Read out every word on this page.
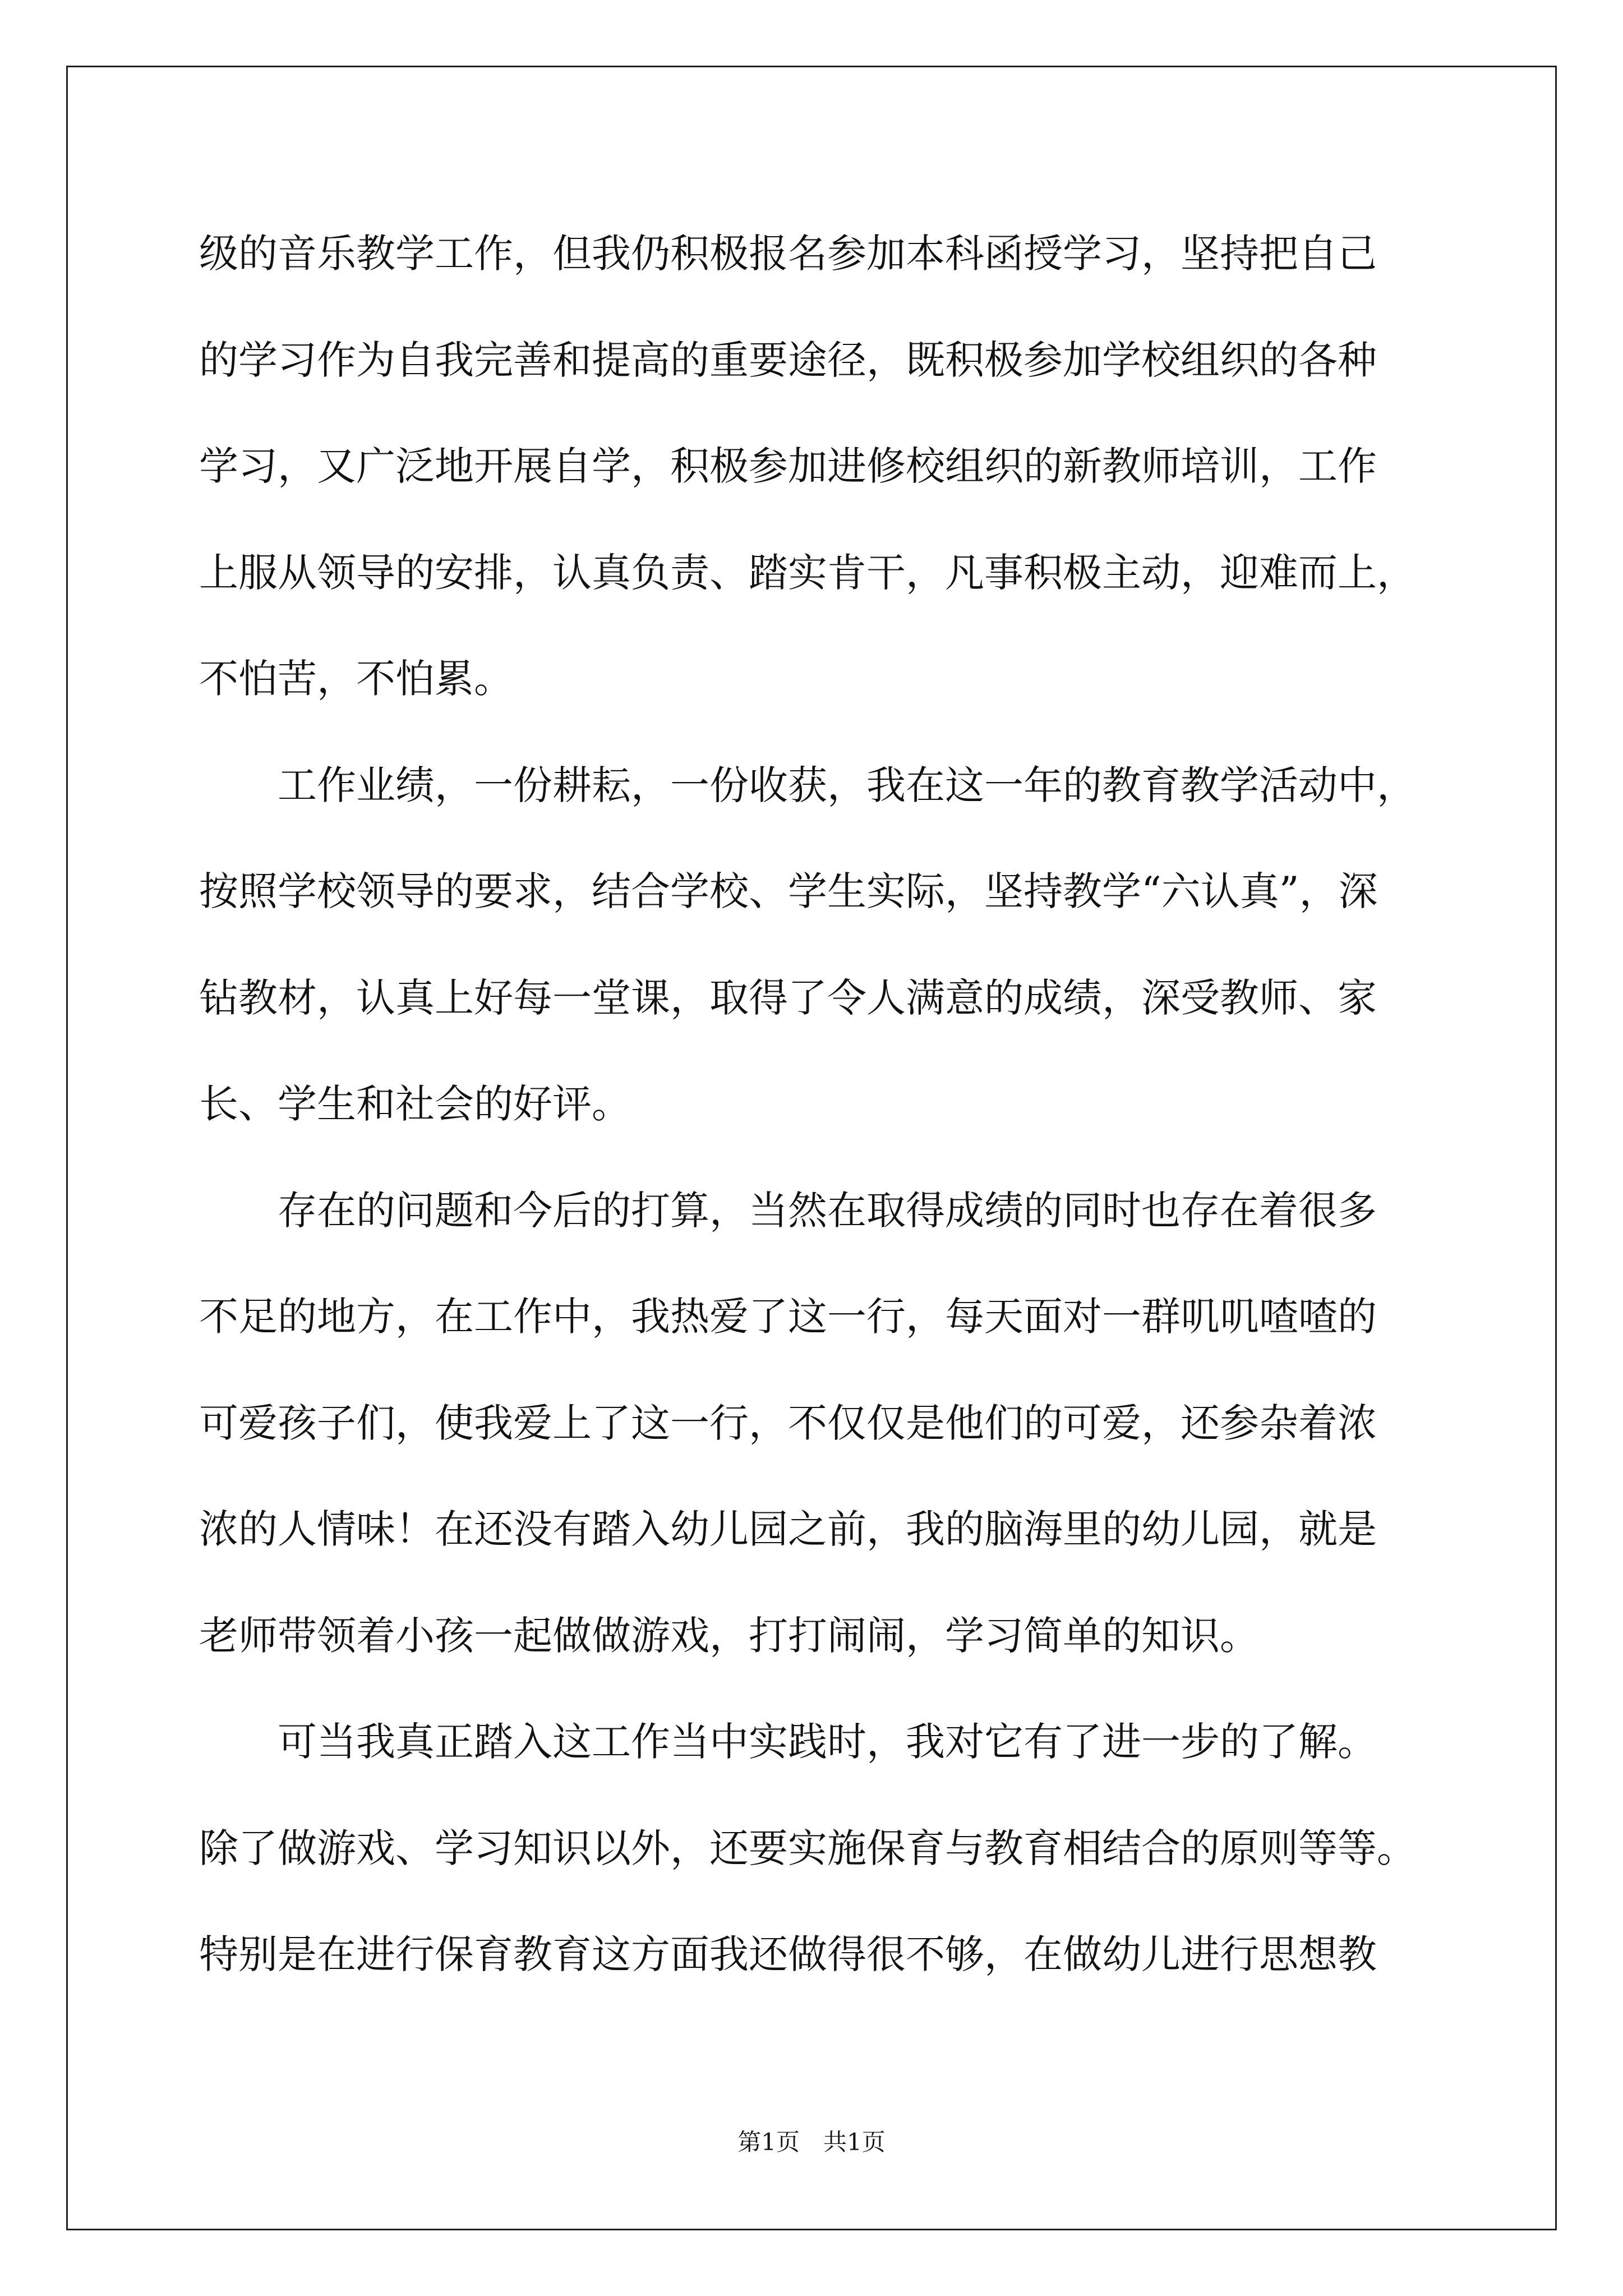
级的音乐教学工作，但我仍积极报名参加本科函授学习，坚持把自己
的学习作为自我完善和提高的重要途径，既积极参加学校组织的各种
学习，又广泛地开展自学，积极参加进修校组织的新教师培训，工作
上服从领导的安排，认真负责、踏实肯干，凡事积极主动，迎难而上，
不怕苦，不怕累。
　　工作业绩，一份耕耘，一份收获，我在这一年的教育教学活动中，
按照学校领导的要求，结合学校、学生实际，坚持教学“六认真”，深
钻教材，认真上好每一堂课，取得了令人满意的成绩，深受教师、家
长、学生和社会的好评。
　　存在的问题和今后的打算，当然在取得成绩的同时也存在着很多
不足的地方，在工作中，我热爱了这一行，每天面对一群叽叽喳喳的
可爱孩子们，使我爱上了这一行，不仅仅是他们的可爱，还参杂着浓
浓的人情味！在还没有踏入幼儿园之前，我的脑海里的幼儿园，就是
老师带领着小孩一起做做游戏，打打闹闹，学习简单的知识。
　　可当我真正踏入这工作当中实践时，我对它有了进一步的了解。
除了做游戏、学习知识以外，还要实施保育与教育相结合的原则等等。
特别是在进行保育教育这方面我还做得很不够，在做幼儿进行思想教
第1页　共1页
